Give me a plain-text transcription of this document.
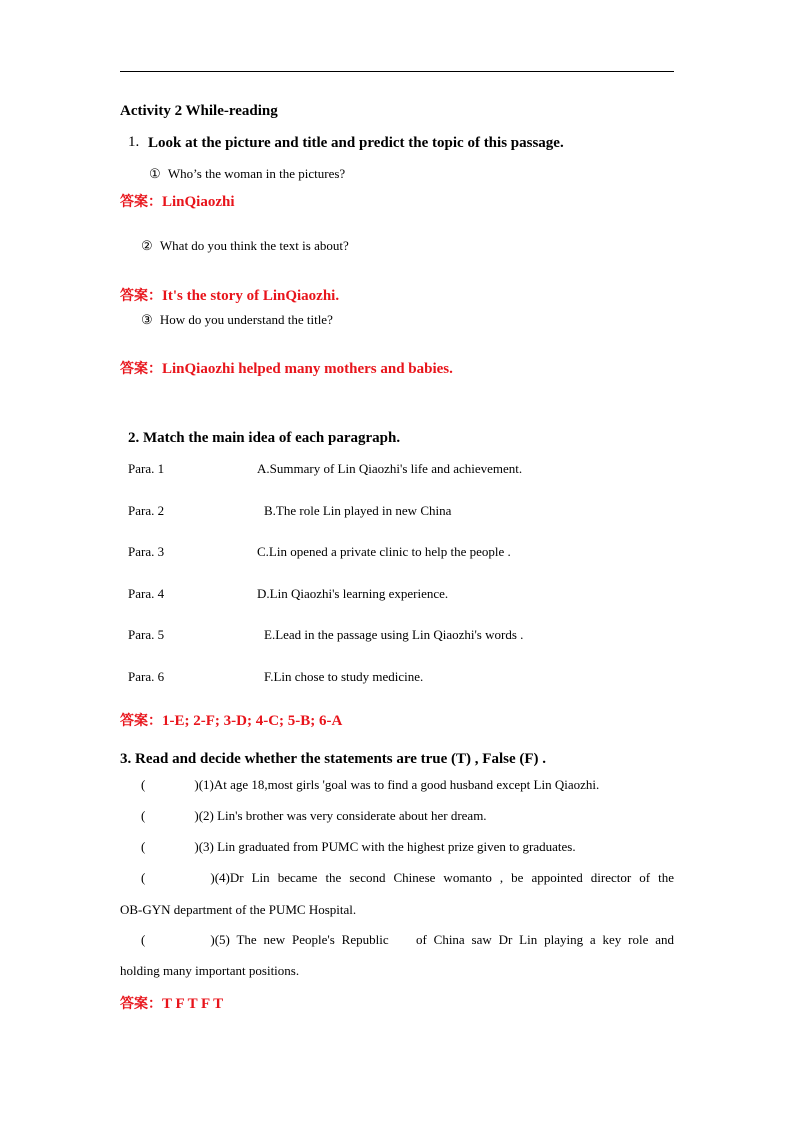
Activity 2 While-reading
1. Look at the picture and title and predict the topic of this passage.
① Who’s the woman in the pictures?
答案：LinQiaozhi
② What do you think the text is about?
答案：It's the story of LinQiaozhi.
③ How do you understand the title?
答案：LinQiaozhi helped many mothers and babies.
2. Match the main idea of each paragraph.
Para. 1	A.Summary of Lin Qiaozhi's life and achievement.
Para. 2	B.The role Lin played in new China
Para. 3	C.Lin opened a private clinic to help the people .
Para. 4	D.Lin Qiaozhi's learning experience.
Para. 5	E.Lead in the passage using Lin Qiaozhi's words .
Para. 6	F.Lin chose to study medicine.
答案：1-E; 2-F; 3-D; 4-C; 5-B; 6-A
3. Read and decide whether the statements are true (T) , False (F) .
(	)(1)At age 18,most girls 'goal was to find a good husband except Lin Qiaozhi.
(	)(2) Lin's brother was very considerate about her dream.
(	)(3) Lin graduated from PUMC with the highest prize given to graduates.
(	) (4)Dr Lin became the second Chinese womanto , be appointed director of the
OB-GYN department of the PUMC Hospital.
(	) (5) The new People's Republic    of China saw Dr Lin playing a key role and
holding many important positions.
答案：T F T F T
